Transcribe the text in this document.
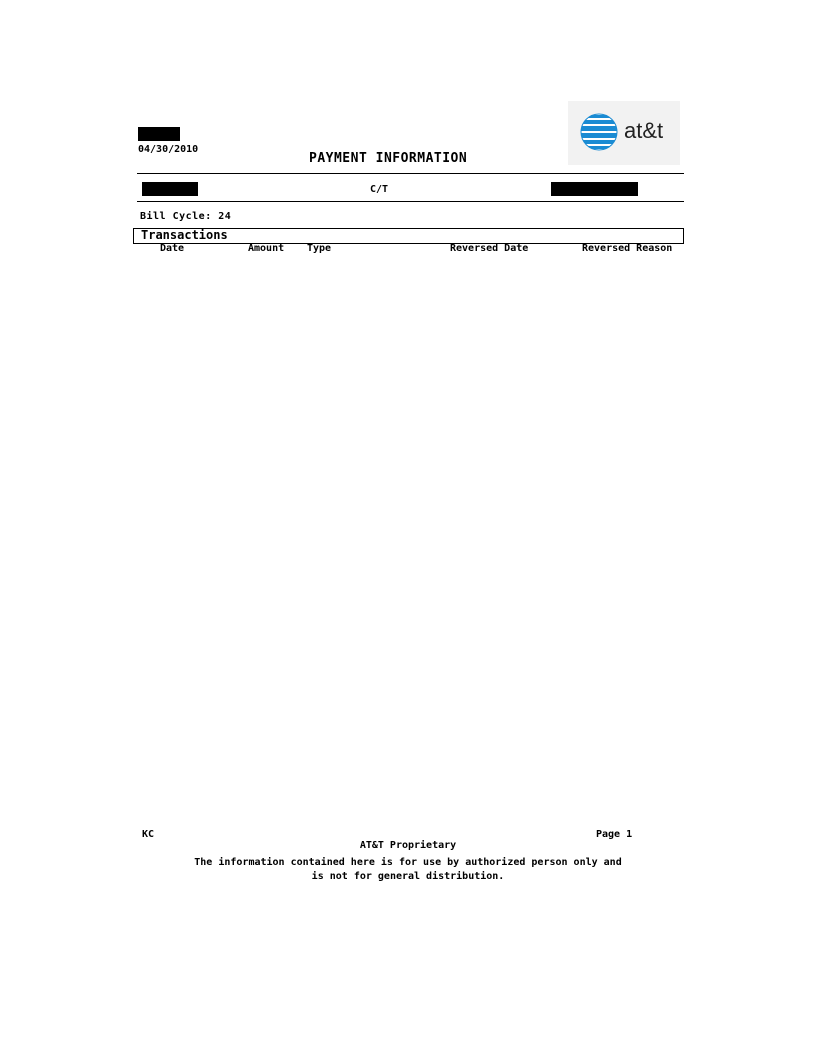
04/30/2010
PAYMENT INFORMATION
at&t
C/T
Bill Cycle: 24
Transactions
Date	Amount Type	Reversed Date	Reversed Reason
KC	Page 1
AT&T Proprietary
The information contained here is for use by authorized person only and
is not for general distribution.
